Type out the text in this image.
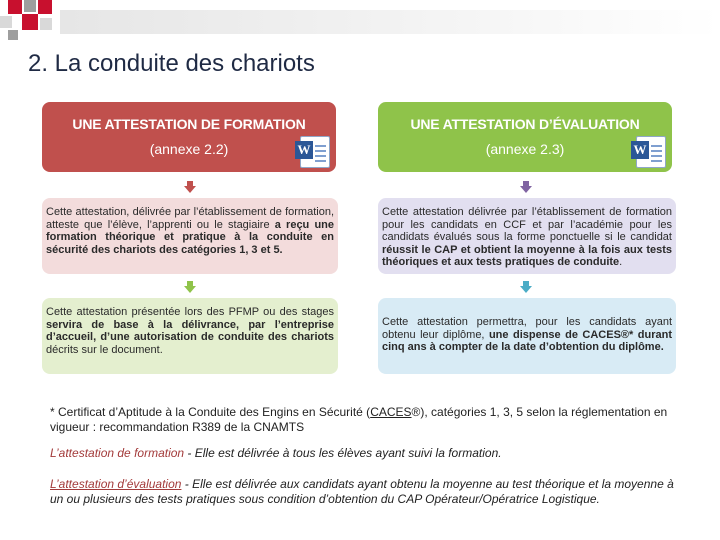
2. La conduite des chariots
UNE ATTESTATION DE FORMATION
(annexe 2.2)	W
UNE ATTESTATION D’ÉVALUATION
(annexe 2.3)	W
Cette attestation, délivrée par l’établissement de formation, atteste que l’élève, l’apprenti ou le stagiaire a reçu une formation théorique et pratique à la conduite en sécurité des chariots des catégories 1, 3 et 5.
Cette attestation délivrée par l’établissement de formation pour les candidats en CCF et par l’académie pour les candidats évalués sous la forme ponctuelle si le candidat réussit le CAP et obtient la moyenne à la fois aux tests théoriques et aux tests pratiques de conduite.
Cette attestation présentée lors des PFMP ou des stages servira de base à la délivrance, par l’entreprise d’accueil, d’une autorisation de conduite des chariots décrits sur le document.
Cette attestation permettra, pour les candidats ayant obtenu leur diplôme, une dispense de CACES®* durant cinq ans à compter de la date d’obtention du diplôme.
* Certificat d’Aptitude à la Conduite des Engins en Sécurité (CACES®), catégories 1, 3, 5 selon la réglementation en vigueur : recommandation R389 de la CNAMTS
L’attestation de formation - Elle est délivrée à tous les élèves ayant suivi la formation.
L’attestation d’évaluation - Elle est délivrée aux candidats ayant obtenu la moyenne au test théorique et la moyenne à un ou plusieurs des tests pratiques sous condition d’obtention du CAP Opérateur/Opératrice Logistique.
